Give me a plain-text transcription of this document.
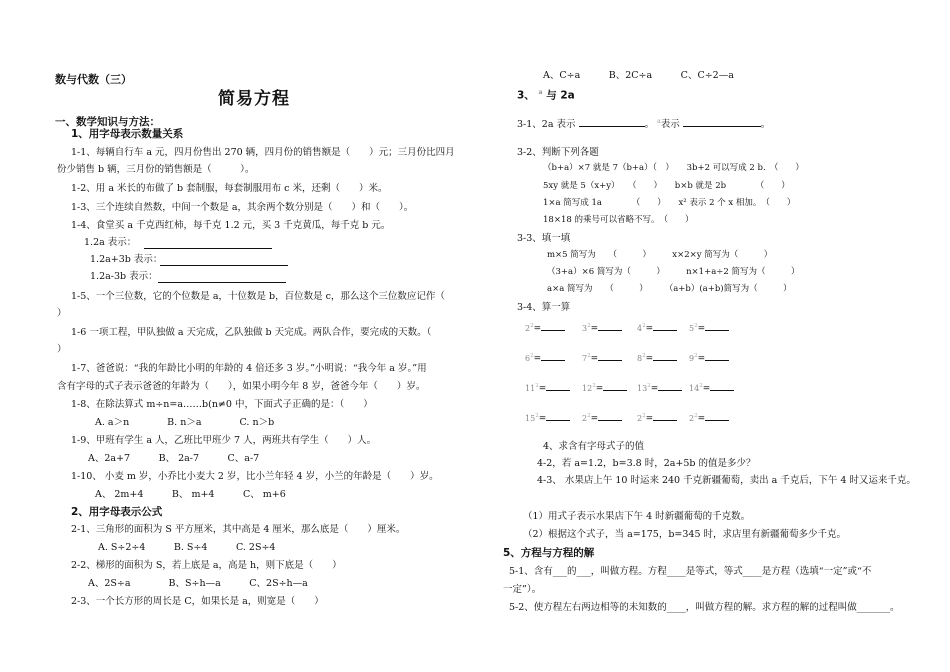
数与代数（三）
简易方程
一、数学知识与方法：
1、用字母表示数量关系
1-1、每辆自行车 a 元，四月份售出 270 辆，四月份的销售额是（　　）元；三月份比四月
份少销售 b 辆，三月份的销售额是（　　　）。
1-2、用 a 米长的布做了 b 套制服，每套制服用布 c 米，还剩（　　）米。
1-3、三个连续自然数，中间一个数是 a，其余两个数分别是（　　）和（　　）。
1-4、食堂买 a 千克西红柿，每千克 1.2 元，买 3 千克黄瓜，每千克 b 元。
1.2a 表示：
1.2a+3b 表示：
1.2a-3b 表示：
1-5、一个三位数，它的个位数是 a，十位数是 b，百位数是 c，那么这个三位数应记作（
）
1-6 一项工程，甲队独做 a 天完成，乙队独做 b 天完成。两队合作，要完成的天数。（
）
1-7、爸爸说：“我的年龄比小明的年龄的 4 倍还多 3 岁。”小明说：“我今年 a 岁。”用
含有字母的式子表示爸爸的年龄为（　　），如果小明今年 8 岁，爸爸今年（　　）岁。
1-8、在除法算式 m÷n=a……b(n≠0 中，下面式子正确的是：（　　）
A. a＞n　　　　B. n＞a　　　　C. n＞b
1-9、甲班有学生 a 人，乙班比甲班少 7 人，两班共有学生（　　）人。
A、2a+7　　　B、 2a-7　　　C、a-7
1-10、 小麦 m 岁，小乔比小麦大 2 岁，比小兰年轻 4 岁，小兰的年龄是（　　）岁。
A、 2m+4　　　B、 m+4　　　C、 m+6
2、用字母表示公式
2-1、三角形的面积为 S 平方厘米，其中高是 4 厘米，那么底是（　　）厘米。
A. S÷2÷4　　　B. S÷4　　　C. 2S÷4
2-2、梯形的面积为 S，若上底是 a，高是 h，则下底是（　　）
A、2S÷a　　　　B、S÷h—a　　　C、2S÷h—a
2-3、一个长方形的周长是 C，如果长是 a，则宽是（　　）
A、C÷a　　　B、2C÷a　　　C、C÷2—a
3、 $^a$ 与 2a
3-1、2a 表示	。 $^a$表示	。
3-2、判断下列各题
（b+a）×7 就是 7（b+a）（　）　　3b+2 可以写成 2 b.　（　　）
5xy 就是 5（x+y）　　（　　）　　b×b 就是 2b　　　　（　　）
1×a 简写成 1a　　　　（　　）　　x² 表示 2 个 x 相加。　（　　）
18×18 的乘号可以省略不写。　（　　）
3-3、填一填
m×5 简写为　　（　　　）　　　x×2×y 简写为（　　　）
（3+a）×6 简写为（　　　）　　　n×1+a÷2 简写为（　　　）
a×a 简写为　　（　　　）　　　（a+b）(a+b)简写为（　　　）
3-4、算一算
$2^2=$	$3^2=$	$4^2=$	$5^2=$
$6^2=$	$7^2=$	$8^2=$	$9^2=$
$11^2=$	$12^2=$	$13^2=$	$14^2=$
$15^2=$	$2^2=$	$2^2=$	$2^2=$
4、求含有字母式子的值
4-2，若 a=1.2，b=3.8 时，2a+5b 的值是多少？
4-3、 水果店上午 10 时运来 240 千克新疆葡萄，卖出 a 千克后，下午 4 时又运来千克。
（1）用式子表示水果店下午 4 时新疆葡萄的千克数。
（2）根据这个式子，当 a=175，b=345 时，求店里有新疆葡萄多少千克。
5、方程与方程的解
5-1、含有___的___，叫做方程。方程____是等式，等式____是方程（选填“一定”或“不
一定”）。
5-2、使方程左右两边相等的未知数的____，叫做方程的解。求方程的解的过程叫做_______。
